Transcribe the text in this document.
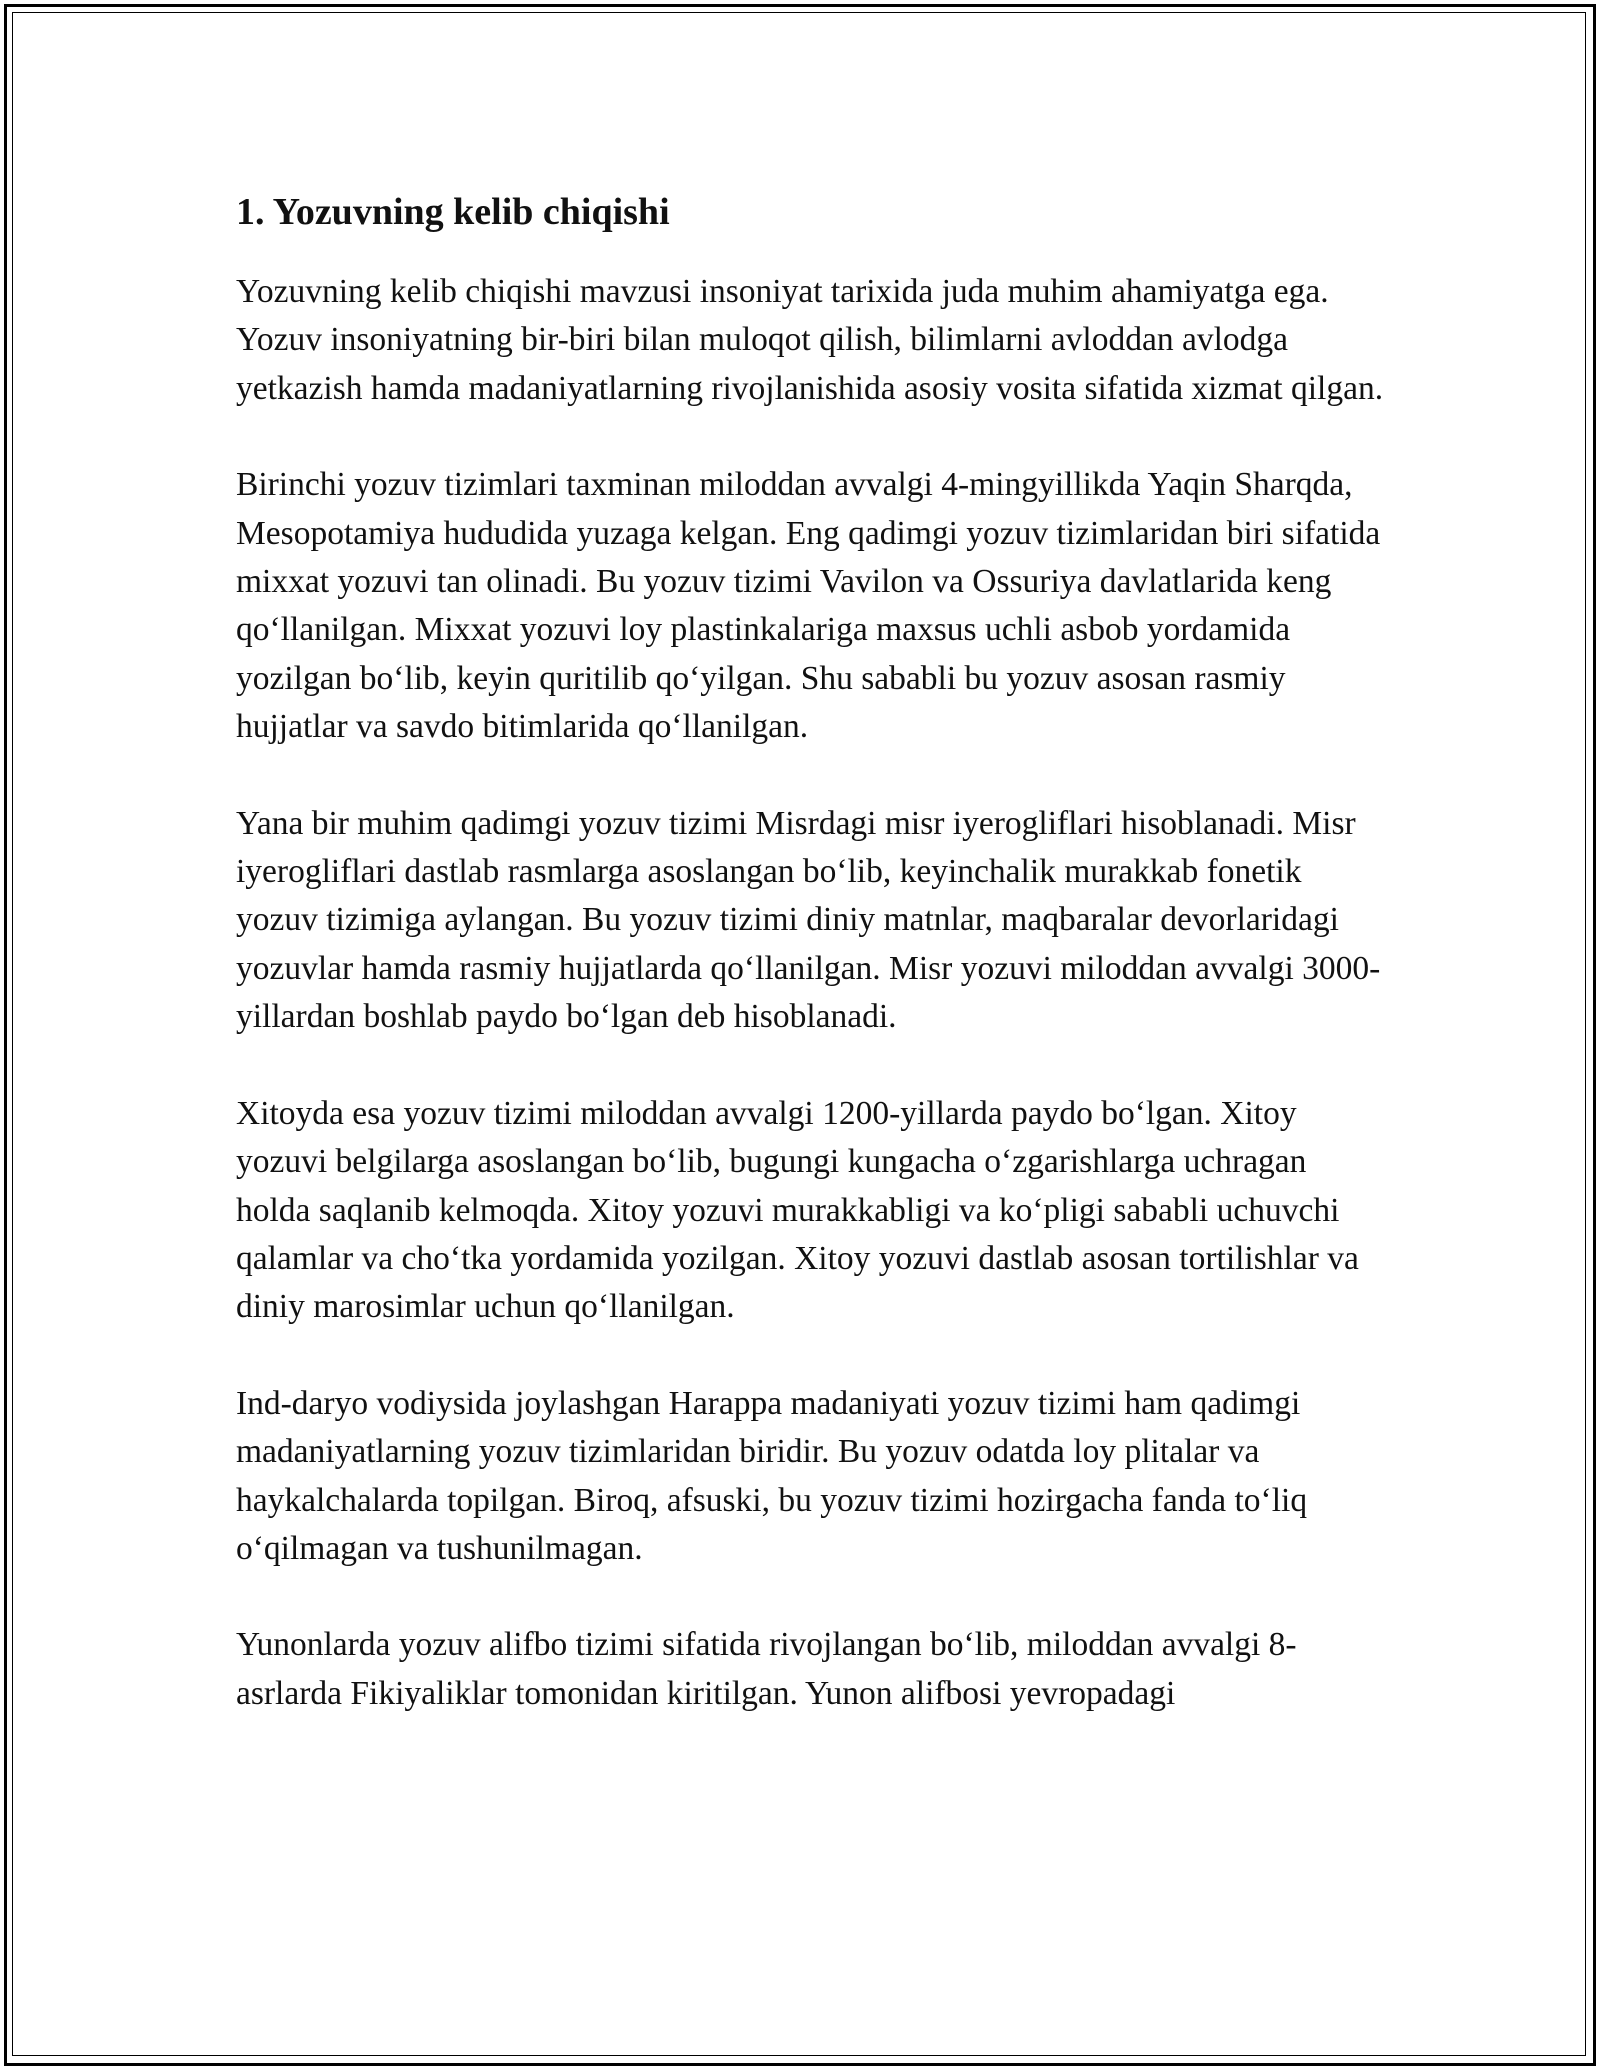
1. Yozuvning kelib chiqishi

Yozuvning kelib chiqishi mavzusi insoniyat tarixida juda muhim ahamiyatga ega. Yozuv insoniyatning bir-biri bilan muloqot qilish, bilimlarni avloddan avlodga yetkazish hamda madaniyatlarning rivojlanishida asosiy vosita sifatida xizmat qilgan.

Birinchi yozuv tizimlari taxminan miloddan avvalgi 4-mingyillikda Yaqin Sharqda, Mesopotamiya hududida yuzaga kelgan. Eng qadimgi yozuv tizimlaridan biri sifatida mixxat yozuvi tan olinadi. Bu yozuv tizimi Vavilon va Ossuriya davlatlarida keng qo‘llanilgan. Mixxat yozuvi loy plastinkalariga maxsus uchli asbob yordamida yozilgan bo‘lib, keyin quritilib qo‘yilgan. Shu sababli bu yozuv asosan rasmiy hujjatlar va savdo bitimlarida qo‘llanilgan.

Yana bir muhim qadimgi yozuv tizimi Misrdagi misr iyerogliflari hisoblanadi. Misr iyerogliflari dastlab rasmlarga asoslangan bo‘lib, keyinchalik murakkab fonetik yozuv tizimiga aylangan. Bu yozuv tizimi diniy matnlar, maqbaralar devorlaridagi yozuvlar hamda rasmiy hujjatlarda qo‘llanilgan. Misr yozuvi miloddan avvalgi 3000-yillardan boshlab paydo bo‘lgan deb hisoblanadi.

Xitoyda esa yozuv tizimi miloddan avvalgi 1200-yillarda paydo bo‘lgan. Xitoy yozuvi belgilarga asoslangan bo‘lib, bugungi kungacha o‘zgarishlarga uchragan holda saqlanib kelmoqda. Xitoy yozuvi murakkabligi va ko‘pligi sababli uchuvchi qalamlar va cho‘tka yordamida yozilgan. Xitoy yozuvi dastlab asosan tortilishlar va diniy marosimlar uchun qo‘llanilgan.

Ind-daryo vodiysida joylashgan Harappa madaniyati yozuv tizimi ham qadimgi madaniyatlarning yozuv tizimlaridan biridir. Bu yozuv odatda loy plitalar va haykalchalarda topilgan. Biroq, afsuski, bu yozuv tizimi hozirgacha fanda to‘liq o‘qilmagan va tushunilmagan.

Yunonlarda yozuv alifbo tizimi sifatida rivojlangan bo‘lib, miloddan avvalgi 8-asrlarda Fikiyaliklar tomonidan kiritilgan. Yunon alifbosi yevropadagi
